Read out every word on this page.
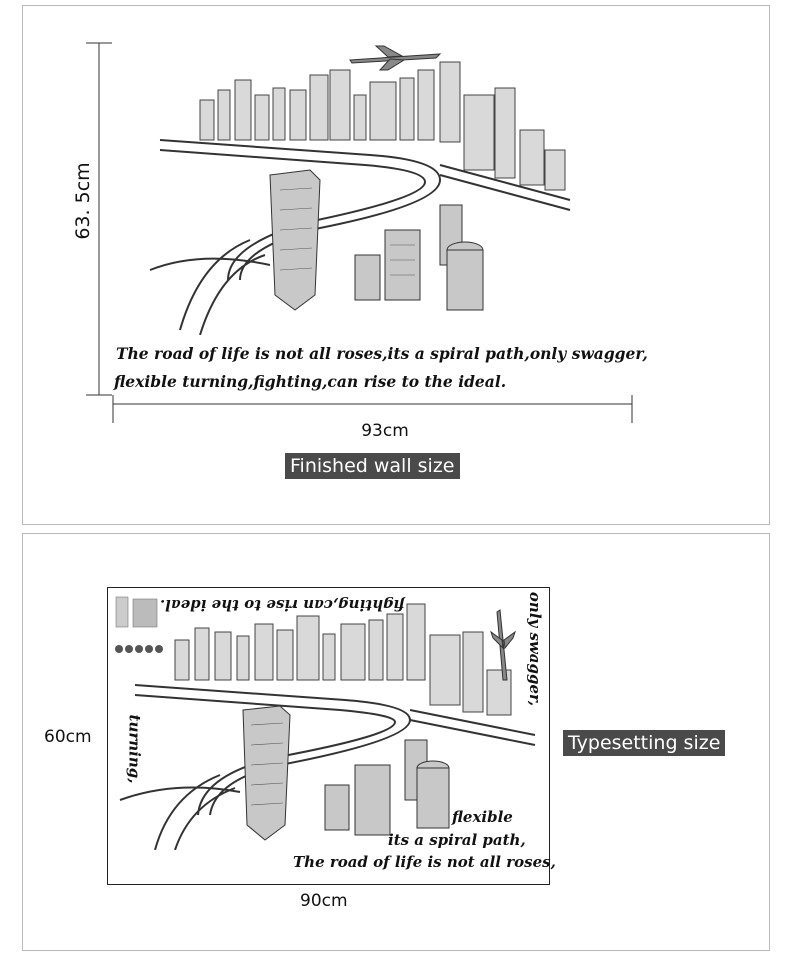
63. 5cm
The road of life is not all roses,its a spiral path,only swagger,
flexible turning,fighting,can rise to the ideal.
93cm
Finished wall size
fighting,can rise to the ideal.	only swagger,
turning,
flexible
its a spiral path,
The road of life is not all roses,
60cm
90cm
Typesetting size
